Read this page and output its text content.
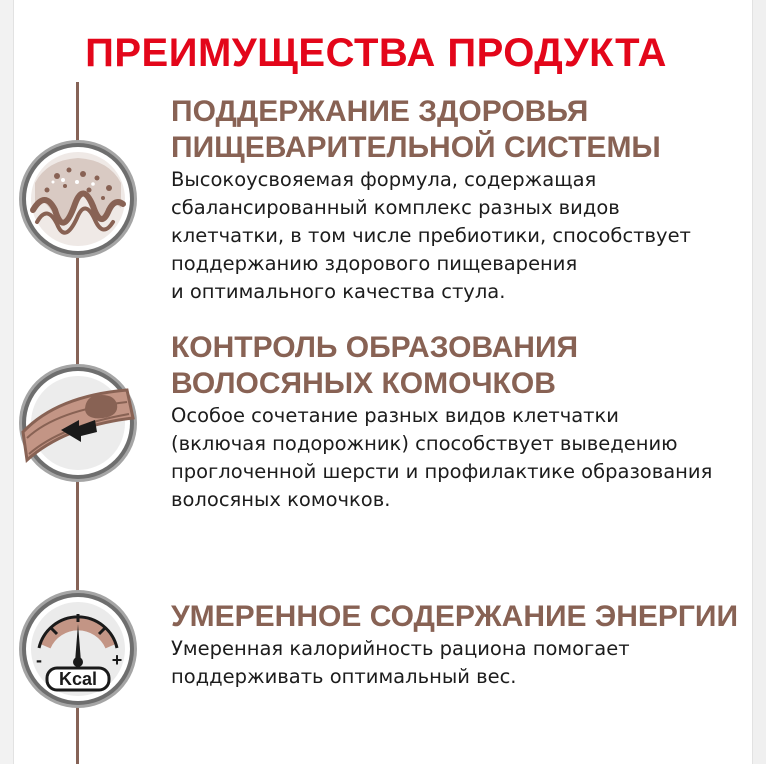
ПРЕИМУЩЕСТВА ПРОДУКТА
Kcal
-	+

ПОДДЕРЖАНИЕ ЗДОРОВЬЯ
ПИЩЕВАРИТЕЛЬНОЙ СИСТЕМЫ

Высокоусвояемая формула, содержащая
сбалансированный комплекс разных видов
клетчатки, в том числе пребиотики, способствует
поддержанию здорового пищеварения
и оптимального качества стула.

КОНТРОЛЬ ОБРАЗОВАНИЯ
ВОЛОСЯНЫХ КОМОЧКОВ

Особое сочетание разных видов клетчатки
(включая подорожник) способствует выведению
проглоченной шерсти и профилактике образования
волосяных комочков.

УМЕРЕННОЕ СОДЕРЖАНИЕ ЭНЕРГИИ

Умеренная калорийность рациона помогает
поддерживать оптимальный вес.
